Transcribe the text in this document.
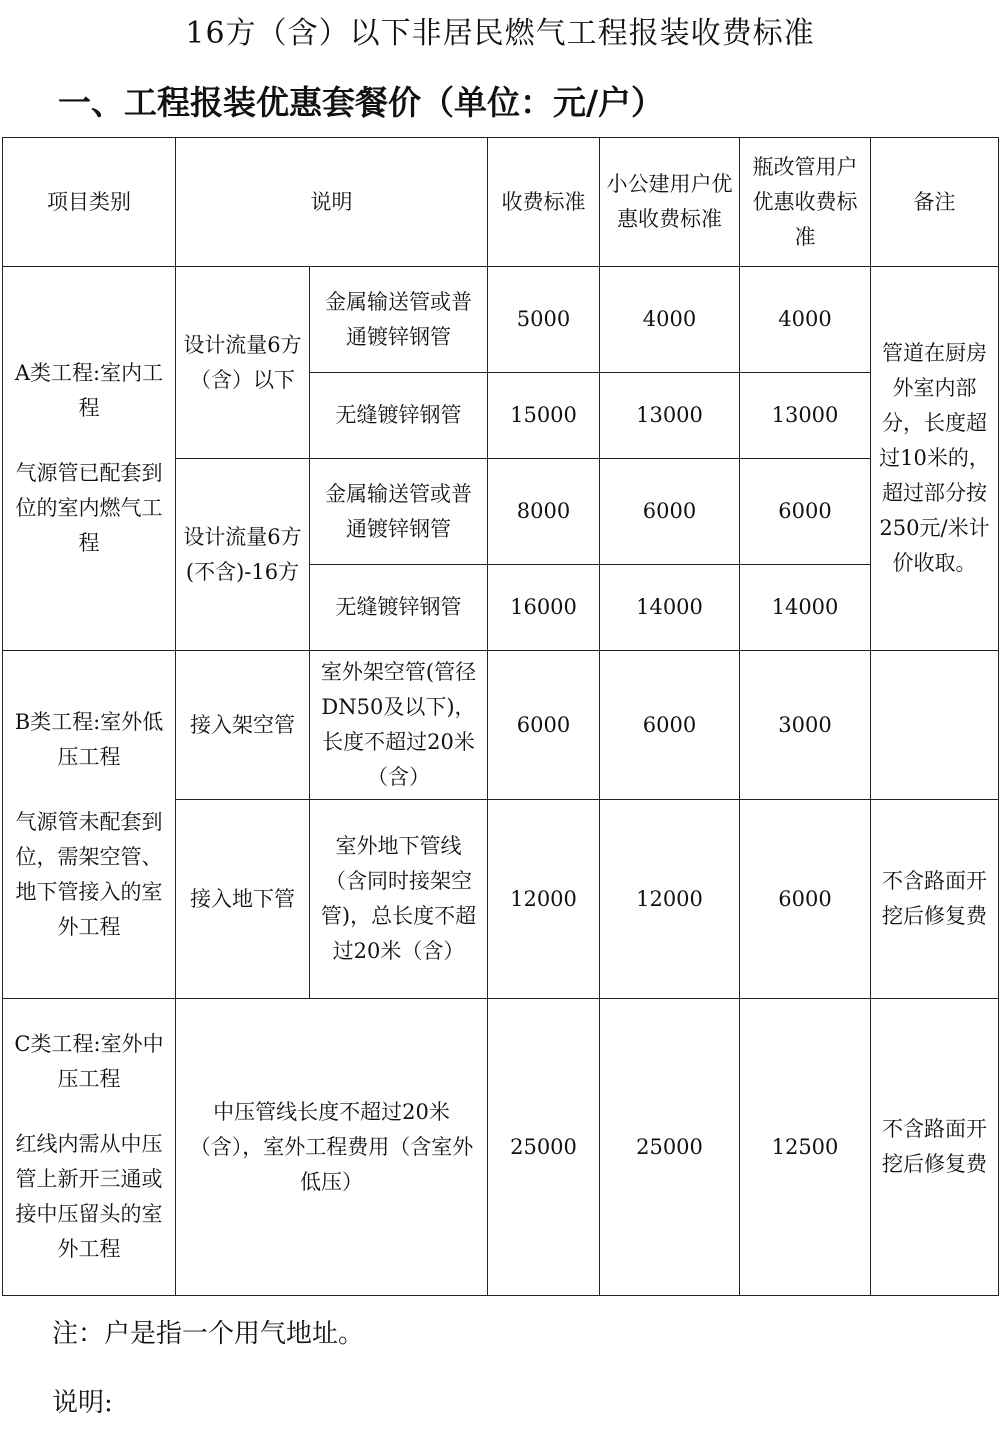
16方（含）以下非居民燃气工程报装收费标准
一、工程报装优惠套餐价（单位：元/户）
项目类别	说明		收费标准	小公建用户优惠收费标准	瓶改管用户优惠收费标准	备注

A类工程:室内工程
气源管已配套到位的室内燃气工程	设计流量6方（含）以下	金属输送管或普通镀锌钢管	5000	4000	4000	管道在厨房外室内部分，长度超过10米的，超过部分按250元/米计价收取。
		无缝镀锌钢管	15000	13000	13000	
	设计流量6方(不含)-16方	金属输送管或普通镀锌钢管	8000	6000	6000	
		无缝镀锌钢管	16000	14000	14000	

B类工程:室外低压工程
气源管未配套到位，需架空管、地下管接入的室外工程	接入架空管	室外架空管(管径DN50及以下)，长度不超过20米（含）	6000	6000	3000	
	接入地下管	室外地下管线（含同时接架空管)，总长度不超过20米（含）	12000	12000	6000	不含路面开挖后修复费

C类工程:室外中压工程
红线内需从中压管上新开三通或接中压留头的室外工程	中压管线长度不超过20米（含），室外工程费用（含室外低压）		25000	25000	12500	不含路面开挖后修复费
注：户是指一个用气地址。
说明:
